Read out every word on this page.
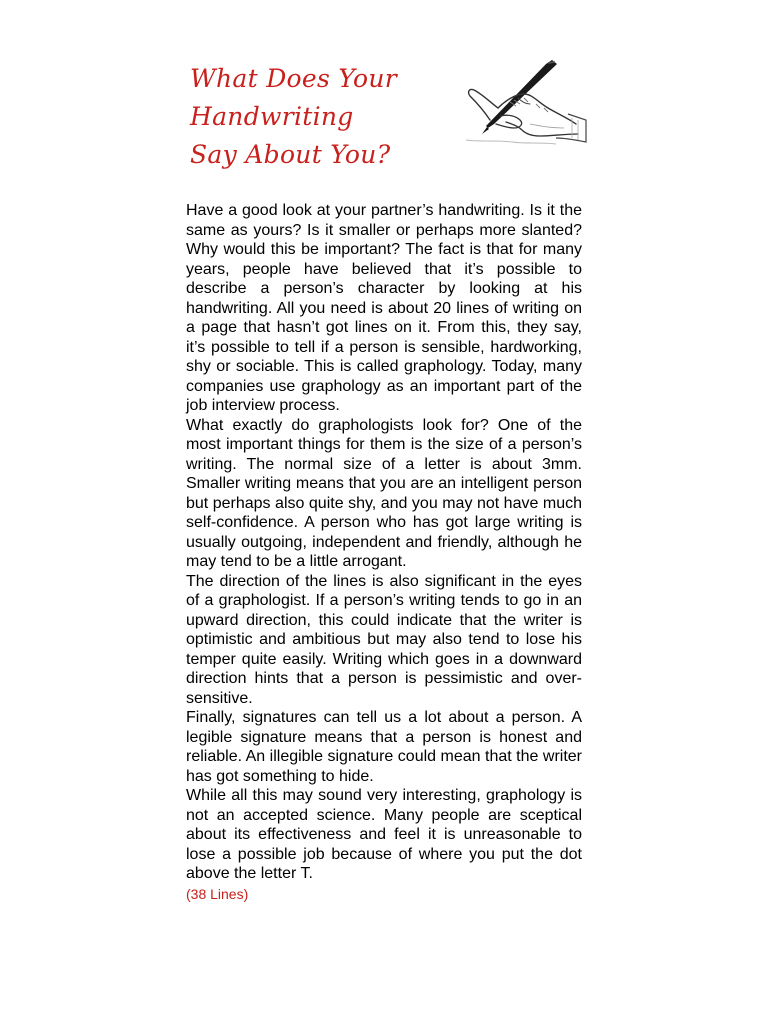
What Does Your
Handwriting
Say About You?

Have a good look at your partner’s handwriting. Is it the same as yours? Is it smaller or perhaps more slanted? Why would this be important? The fact is that for many years, people have believed that it’s possible to describe a person’s character by looking at his handwriting. All you need is about 20 lines of writing on a page that hasn’t got lines on it. From this, they say, it’s possible to tell if a person is sensible, hardworking, shy or sociable. This is called graphology. Today, many companies use graphology as an important part of the job interview process.

What exactly do graphologists look for? One of the most important things for them is the size of a person’s writing. The normal size of a letter is about 3mm. Smaller writing means that you are an intelligent person but perhaps also quite shy, and you may not have much self-confidence. A person who has got large writing is usually outgoing, independent and friendly, although he may tend to be a little arrogant.

The direction of the lines is also significant in the eyes of a graphologist. If a person’s writing tends to go in an upward direction, this could indicate that the writer is optimistic and ambitious but may also tend to lose his temper quite easily. Writing which goes in a downward direction hints that a person is pessimistic and over-sensitive.

Finally, signatures can tell us a lot about a person. A legible signature means that a person is honest and reliable. An illegible signature could mean that the writer has got something to hide.

While all this may sound very interesting, graphology is not an accepted science. Many people are sceptical about its effectiveness and feel it is unreasonable to lose a possible job because of where you put the dot above the letter T.

(38 Lines)
